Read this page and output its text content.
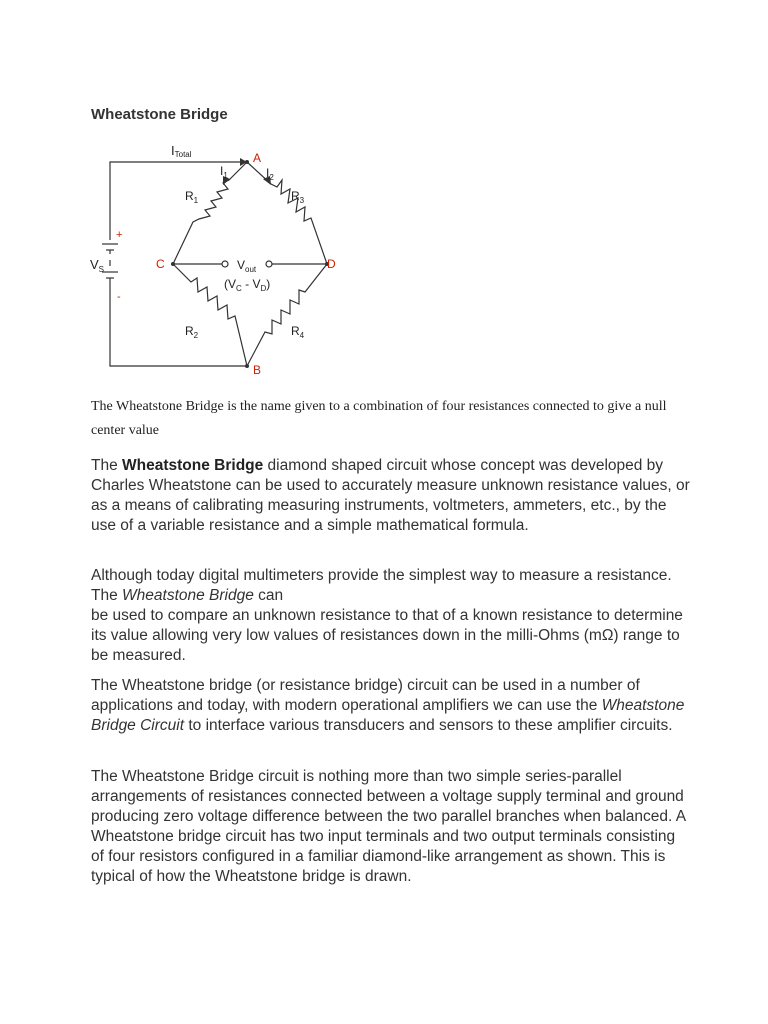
Wheatstone Bridge
ITotal
$I_1$	$I_2$
$R_1$	$R_3$
$R_2$	$R_4$
$V_S$	$V_{out}$
$(V_C - V_D)$
A
B
C	D
+
-
The Wheatstone Bridge is the name given to a combination of four resistances connected to give a null center value
The Wheatstone Bridge diamond shaped circuit whose concept was developed by Charles Wheatstone can be used to accurately measure unknown resistance values, or as a means of calibrating measuring instruments, voltmeters, ammeters, etc., by the use of a variable resistance and a simple mathematical formula.
Although today digital multimeters provide the simplest way to measure a resistance. The Wheatstone Bridge can
be used to compare an unknown resistance to that of a known resistance to determine its value allowing very low values of resistances down in the milli-Ohms (mΩ) range to be measured.
The Wheatstone bridge (or resistance bridge) circuit can be used in a number of applications and today, with modern operational amplifiers we can use the Wheatstone Bridge Circuit to interface various transducers and sensors to these amplifier circuits.
The Wheatstone Bridge circuit is nothing more than two simple series-parallel arrangements of resistances connected between a voltage supply terminal and ground producing zero voltage difference between the two parallel branches when balanced. A Wheatstone bridge circuit has two input terminals and two output terminals consisting of four resistors configured in a familiar diamond-like arrangement as shown. This is typical of how the Wheatstone bridge is drawn.
